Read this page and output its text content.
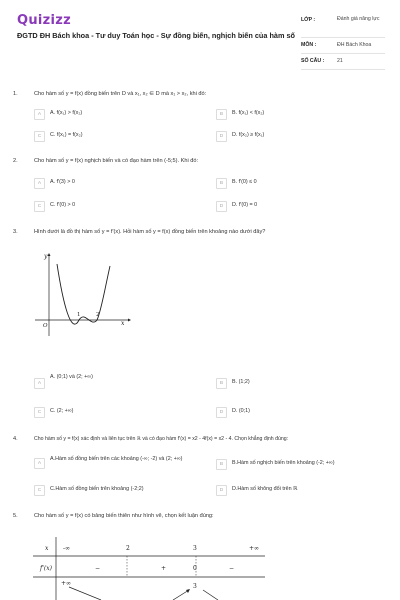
Quizizz
ĐGTD ĐH Bách khoa - Tư duy Toán học - Sự đồng biến, nghịch biến của hàm số
LỚP :	Đánh giá năng lực
MÔN :	ĐH Bách Khoa
SỐ CÂU : 21
1.	Cho hàm số y = f(x) đồng biến trên D và x₁, x₂ ∈ D mà x₁ > x₂, khi đó:
A	A. f(x₁) > f(x₂)	B	B. f(x₁) < f(x₂)
C	C. f(x₁) = f(x₂)	D	D. f(x₂) ≥ f(x₁)
2.	Cho hàm số y = f(x) nghịch biến và có đạo hàm trên (-5;5). Khi đó:
A	A. f'(3) > 0	B	B. f'(0) ≤ 0
C	C. f'(0) > 0	D	D. f'(0) = 0
3.	Hình dưới là đồ thị hàm số y = f'(x). Hỏi hàm số y = f(x) đồng biến trên khoảng nào dưới đây?
y
x
O
1	2
A
A. (0;1) và (2; +∞)
B	B. (1;2)
C	C. (2; +∞)	D	D. (0;1)
4.	Cho hàm số y = f(x) xác định và liên tục trên ℝ và có đạo hàm f'(x) = x2 - 4f(x) = x2 - 4. Chọn khẳng định đúng:
A
A.Hàm số đồng biến trên các khoảng (-∞; -2) và (2; +∞)
B	B.Hàm số nghịch biến trên khoảng (-2; +∞)
C	C.Hàm số đồng biến trên khoảng (-2;2)	D	D.Hàm số không đổi trên ℝ
5.	Cho hàm số y = f(x) có bảng biến thiên như hình vẽ, chọn kết luận đúng:
x -∞	2	3	+∞
f'(x)	−	+	0	−
+∞	3
